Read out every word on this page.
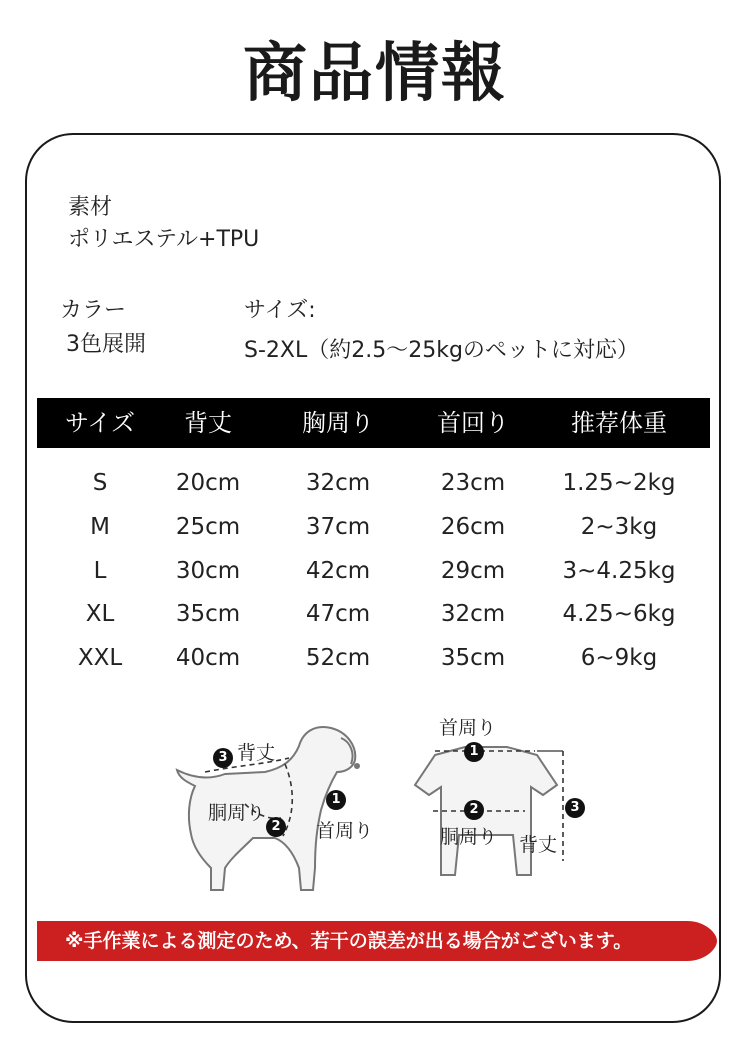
商品情報
素材
ポリエステル+TPU
カラー
3色展開
サイズ:
S-2XL（約2.5～25kgのペットに対応）
サイズ 背丈	胸周り	首回り	推荐体重
S	20cm	32cm	23cm 1.25~2kg
M	25cm	37cm	26cm	2~3kg
L	30cm	42cm	29cm 3~4.25kg
XL	35cm	47cm	32cm 4.25~6kg
XXL 40cm	52cm	35cm	6~9kg
3 背丈
1
胴周り
2 首周り
首周り
1
2
胴周り
3
背丈
※手作業による測定のため、若干の誤差が出る場合がございます。
